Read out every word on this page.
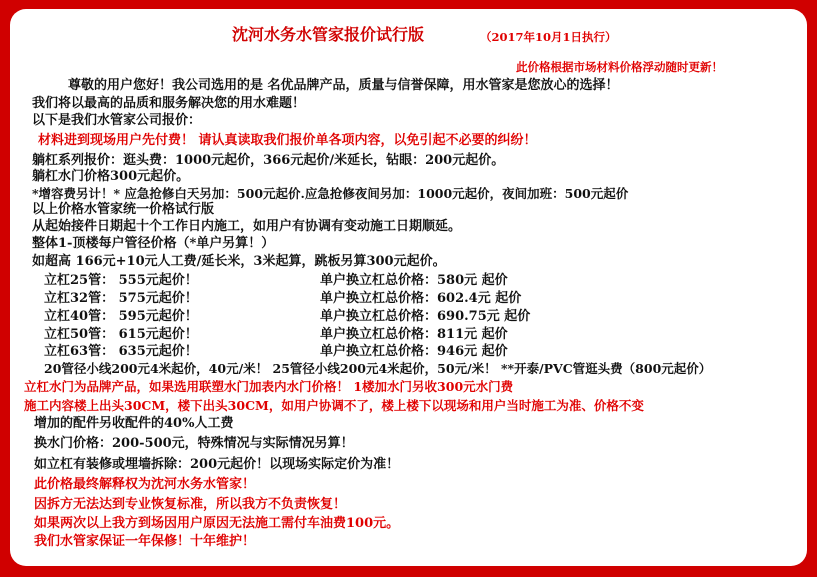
沈河水务水管家报价试行版	（2017年10月1日执行）
此价格根据市场材料价格浮动随时更新！
尊敬的用户您好！我公司选用的是 名优品牌产品，质量与信誉保障，用水管家是您放心的选择！
我们将以最高的品质和服务解决您的用水难题！
以下是我们水管家公司报价：
材料进到现场用户先付费！ 请认真读取我们报价单各项内容，以免引起不必要的纠纷！
躺杠系列报价：逛头费：1000元起价，366元起价/米延长，钻眼：200元起价。
躺杠水门价格300元起价。
*增容费另计！* 应急抢修白天另加：500元起价.应急抢修夜间另加：1000元起价，夜间加班：500元起价
以上价格水管家统一价格试行版
从起始接件日期起十个工作日内施工，如用户有协调有变动施工日期顺延。
整体1-顶楼每户管径价格（*单户另算！）
如超高 166元+10元人工费/延长米，3米起算，跳板另算300元起价。
立杠25管： 555元起价！	单户换立杠总价格：580元 起价
立杠32管： 575元起价！	单户换立杠总价格：602.4元 起价
立杠40管： 595元起价！	单户换立杠总价格：690.75元 起价
立杠50管： 615元起价！	单户换立杠总价格：811元 起价
立杠63管： 635元起价！	单户换立杠总价格：946元 起价
20管径小线200元4米起价，40元/米！ 25管径小线200元4米起价，50元/米！ **开泰/PVC管逛头费（800元起价）
立杠水门为品牌产品，如果选用联塑水门加表内水门价格！ 1楼加水门另收300元水门费
施工内容楼上出头30CM，楼下出头30CM，如用户协调不了，楼上楼下以现场和用户当时施工为准、价格不变
增加的配件另收配件的40%人工费
换水门价格：200-500元，特殊情况与实际情况另算！
如立杠有装修或埋墙拆除：200元起价！以现场实际定价为准！
此价格最终解释权为沈河水务水管家！
因拆方无法达到专业恢复标准，所以我方不负责恢复！
如果两次以上我方到场因用户原因无法施工需付车油费100元。
我们水管家保证一年保修！十年维护！
